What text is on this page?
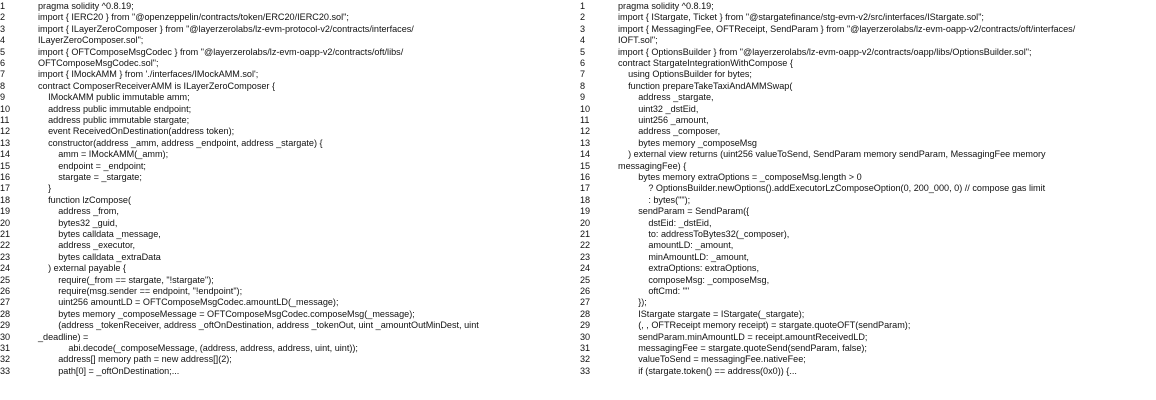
1	pragma solidity ^0.8.19;
2	import { IERC20 } from "@openzeppelin/contracts/token/ERC20/IERC20.sol";
3	import { ILayerZeroComposer } from "@layerzerolabs/lz-evm-protocol-v2/contracts/interfaces/
4	ILayerZeroComposer.sol";
5	import { OFTComposeMsgCodec } from "@layerzerolabs/lz-evm-oapp-v2/contracts/oft/libs/
6	OFTComposeMsgCodec.sol";
7	import { IMockAMM } from './interfaces/IMockAMM.sol';
8	contract ComposerReceiverAMM is ILayerZeroComposer {
9	IMockAMM public immutable amm;
10	address public immutable endpoint;
11	address public immutable stargate;
12	event ReceivedOnDestination(address token);
13	constructor(address _amm, address _endpoint, address _stargate) {
14	amm = IMockAMM(_amm);
15	endpoint = _endpoint;
16	stargate = _stargate;
17	}
18	function lzCompose(
19	address _from,
20	bytes32 _guid,
21	bytes calldata _message,
22	address _executor,
23	bytes calldata _extraData
24	) external payable {
25	require(_from == stargate, "!stargate");
26	require(msg.sender == endpoint, "!endpoint");
27	uint256 amountLD = OFTComposeMsgCodec.amountLD(_message);
28	bytes memory _composeMessage = OFTComposeMsgCodec.composeMsg(_message);
29	(address _tokenReceiver, address _oftOnDestination, address _tokenOut, uint _amountOutMinDest, uint
30	_deadline) =
31	abi.decode(_composeMessage, (address, address, address, uint, uint));
32	address[] memory path = new address[](2);
33	path[0] = _oftOnDestination;...
1	pragma solidity ^0.8.19;
2	import { IStargate, Ticket } from "@stargatefinance/stg-evm-v2/src/interfaces/IStargate.sol";
3	import { MessagingFee, OFTReceipt, SendParam } from "@layerzerolabs/lz-evm-oapp-v2/contracts/oft/interfaces/
4	IOFT.sol";
5	import { OptionsBuilder } from "@layerzerolabs/lz-evm-oapp-v2/contracts/oapp/libs/OptionsBuilder.sol";
6	contract StargateIntegrationWithCompose {
7	using OptionsBuilder for bytes;
8	function prepareTakeTaxiAndAMMSwap(
9	address _stargate,
10	uint32 _dstEid,
11	uint256 _amount,
12	address _composer,
13	bytes memory _composeMsg
14	) external view returns (uint256 valueToSend, SendParam memory sendParam, MessagingFee memory
15	messagingFee) {
16	bytes memory extraOptions = _composeMsg.length > 0
17	? OptionsBuilder.newOptions().addExecutorLzComposeOption(0, 200_000, 0) // compose gas limit
18	: bytes("");
19	sendParam = SendParam({
20	dstEid: _dstEid,
21	to: addressToBytes32(_composer),
22	amountLD: _amount,
23	minAmountLD: _amount,
24	extraOptions: extraOptions,
25	composeMsg: _composeMsg,
26	oftCmd: ""
27	});
28	IStargate stargate = IStargate(_stargate);
29	(, , OFTReceipt memory receipt) = stargate.quoteOFT(sendParam);
30	sendParam.minAmountLD = receipt.amountReceivedLD;
31	messagingFee = stargate.quoteSend(sendParam, false);
32	valueToSend = messagingFee.nativeFee;
33	if (stargate.token() == address(0x0)) {...
